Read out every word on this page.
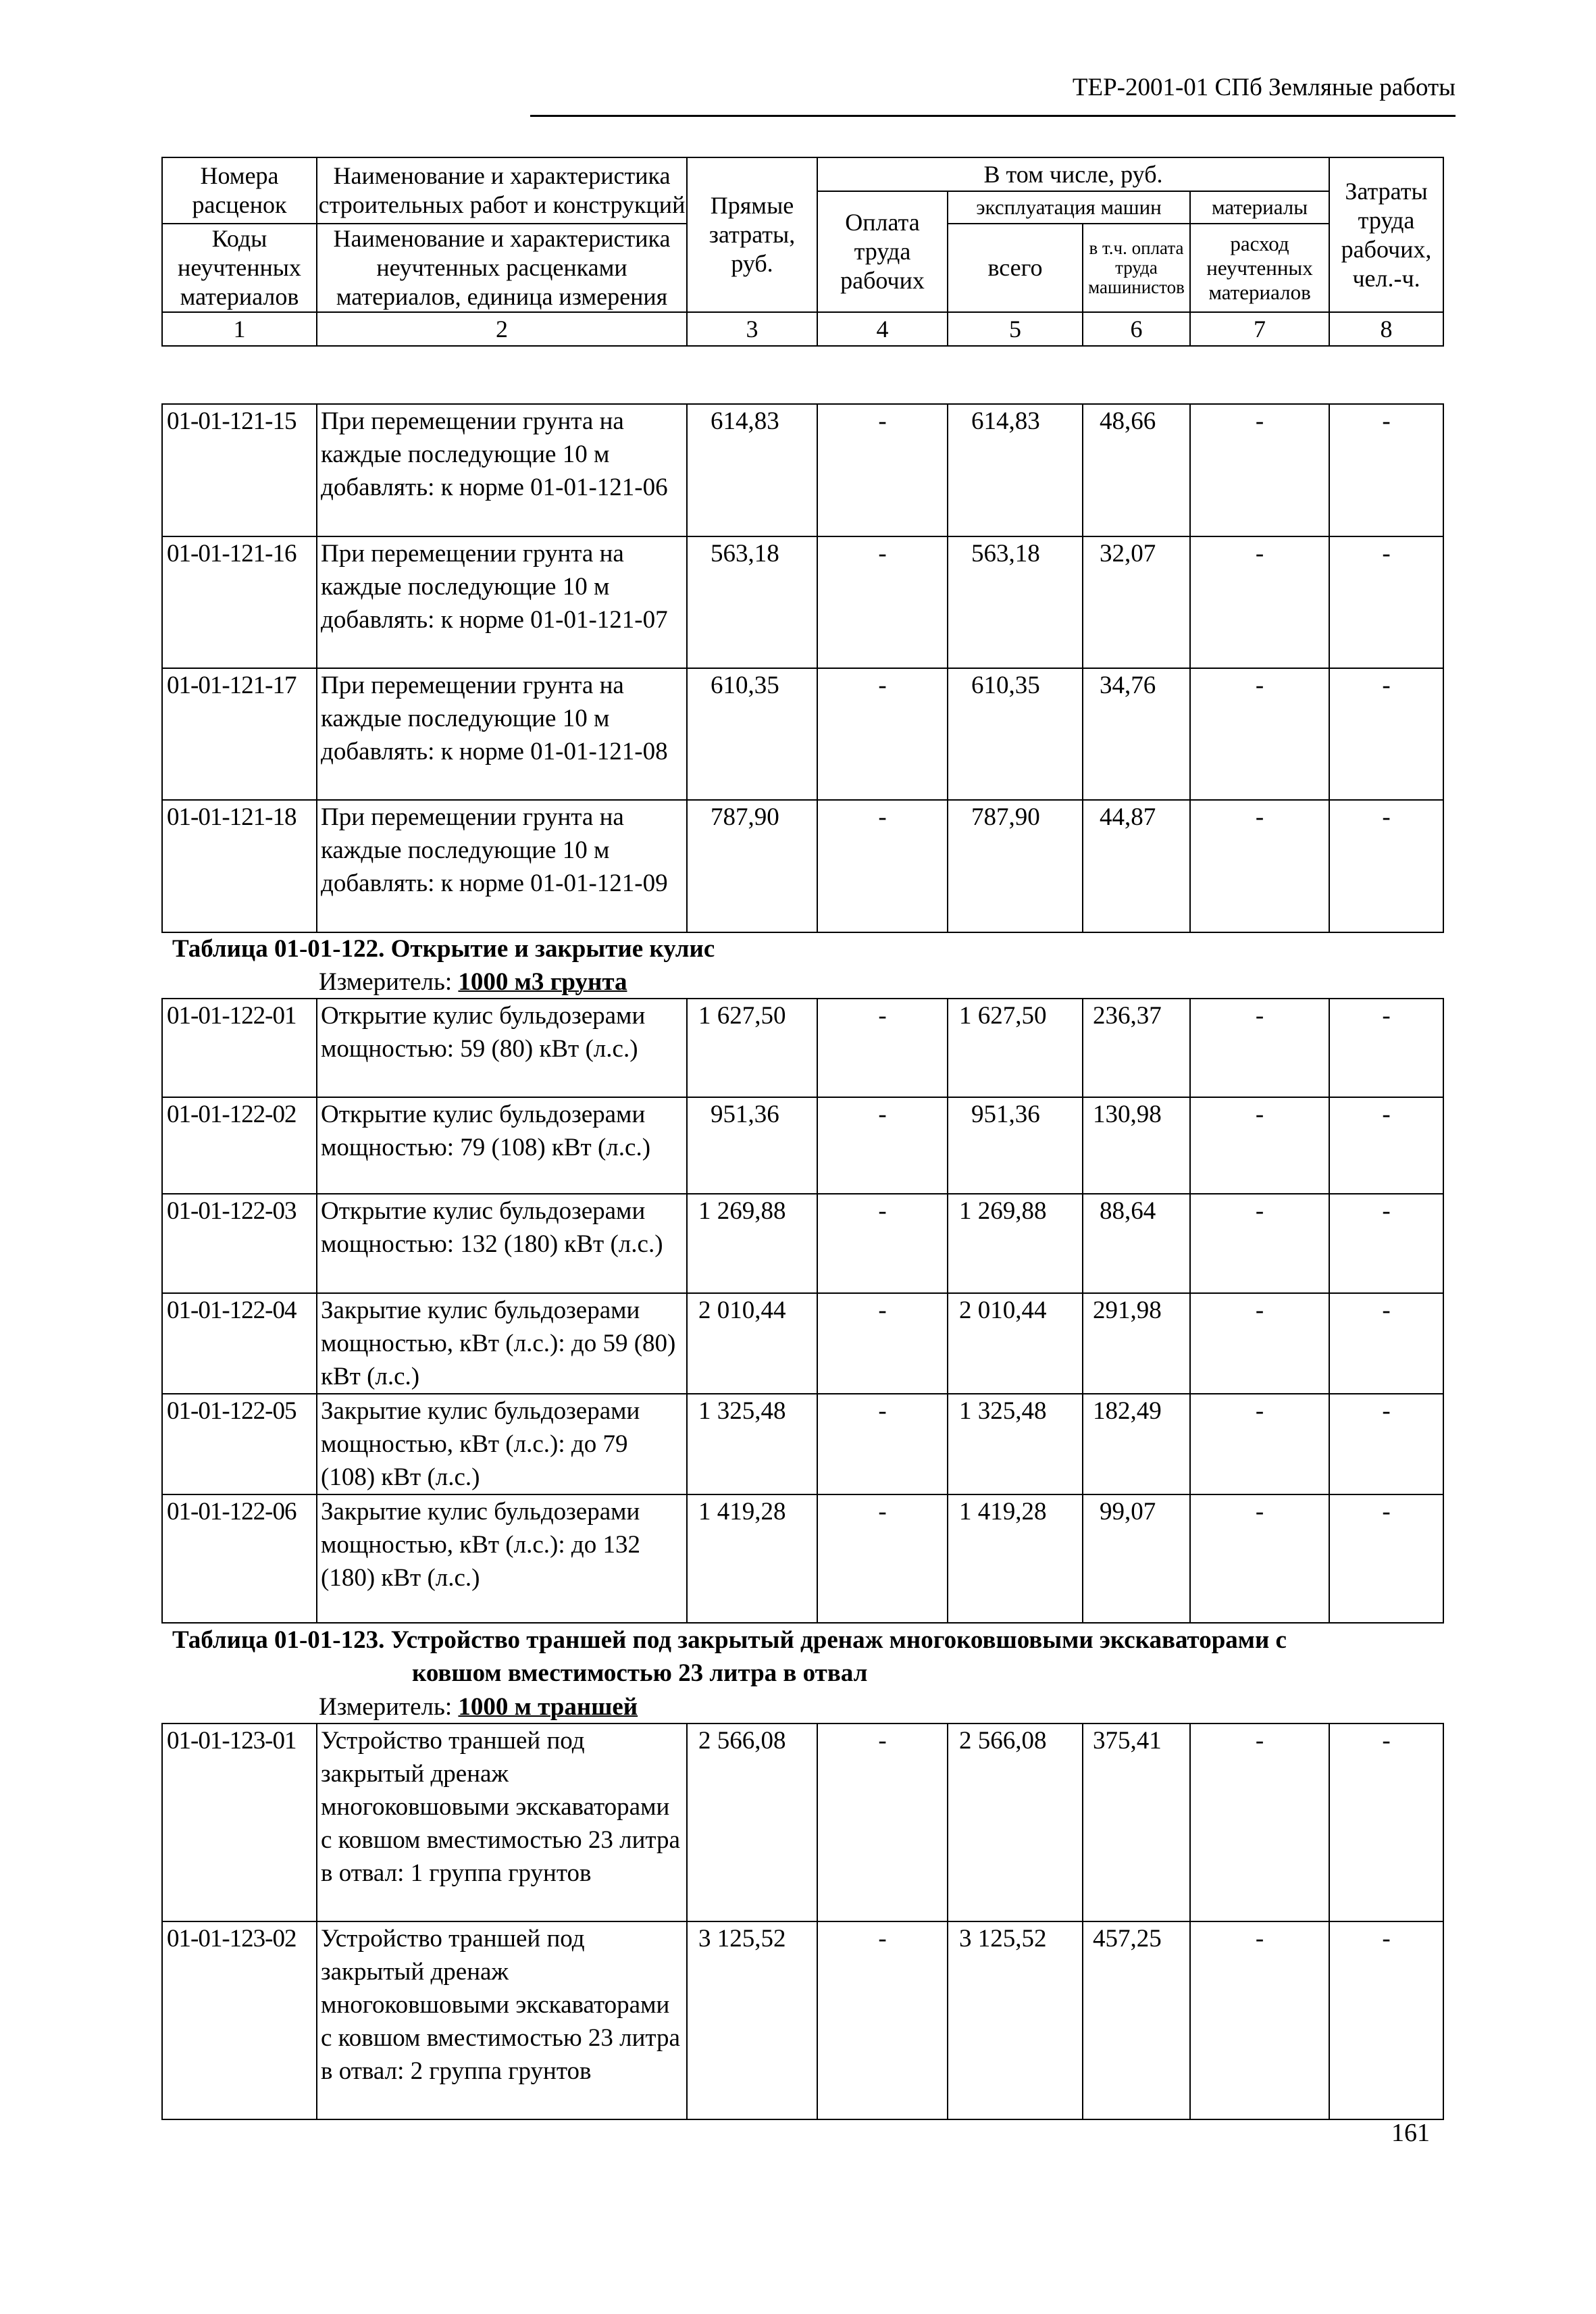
ТЕР-2001-01 СПб Земляные работы
Номера расценок	Наименование и характеристика строительных работ и конструкций	Прямые затраты, руб.	В том числе, руб.				Затраты труда рабочих, чел.-ч.
			Оплата труда рабочих	эксплуатация машин		материалы	
Коды неучтенных материалов	Наименование и характеристика неучтенных расценками материалов, единица измерения			всего	в т.ч. оплата труда машинистов	расход неучтенных материалов	

1	2	3	4	5	6	7	8
01-01-121-15	При перемещении грунта на каждые последующие 10 м добавлять: к норме 01-01-121-06	614,83	-	614,83	48,66	-	-
01-01-121-16	При перемещении грунта на каждые последующие 10 м добавлять: к норме 01-01-121-07	563,18	-	563,18	32,07	-	-
01-01-121-17	При перемещении грунта на каждые последующие 10 м добавлять: к норме 01-01-121-08	610,35	-	610,35	34,76	-	-
01-01-121-18	При перемещении грунта на каждые последующие 10 м добавлять: к норме 01-01-121-09	787,90	-	787,90	44,87	-	-
Таблица 01-01-122. Открытие и закрытие кулис
Измеритель: 1000 м3 грунта
01-01-122-01	Открытие кулис бульдозерами мощностью: 59 (80) кВт (л.с.)	1 627,50	-	1 627,50	236,37	-	-
01-01-122-02	Открытие кулис бульдозерами мощностью: 79 (108) кВт (л.с.)	951,36	-	951,36	130,98	-	-
01-01-122-03	Открытие кулис бульдозерами мощностью: 132 (180) кВт (л.с.)	1 269,88	-	1 269,88	88,64	-	-
01-01-122-04	Закрытие кулис бульдозерами мощностью, кВт (л.с.): до 59 (80) кВт (л.с.)	2 010,44	-	2 010,44	291,98	-	-
01-01-122-05	Закрытие кулис бульдозерами мощностью, кВт (л.с.): до 79 (108) кВт (л.с.)	1 325,48	-	1 325,48	182,49	-	-
01-01-122-06	Закрытие кулис бульдозерами мощностью, кВт (л.с.): до 132 (180) кВт (л.с.)	1 419,28	-	1 419,28	99,07	-	-
Таблица 01-01-123. Устройство траншей под закрытый дренаж многоковшовыми экскаваторами с
ковшом вместимостью 23 литра в отвал
Измеритель: 1000 м траншей
01-01-123-01	Устройство траншей под закрытый дренаж многоковшовыми экскаваторами с ковшом вместимостью 23 литра в отвал: 1 группа грунтов	2 566,08	-	2 566,08	375,41	-	-
01-01-123-02	Устройство траншей под закрытый дренаж многоковшовыми экскаваторами с ковшом вместимостью 23 литра в отвал: 2 группа грунтов	3 125,52	-	3 125,52	457,25	-	-
161
